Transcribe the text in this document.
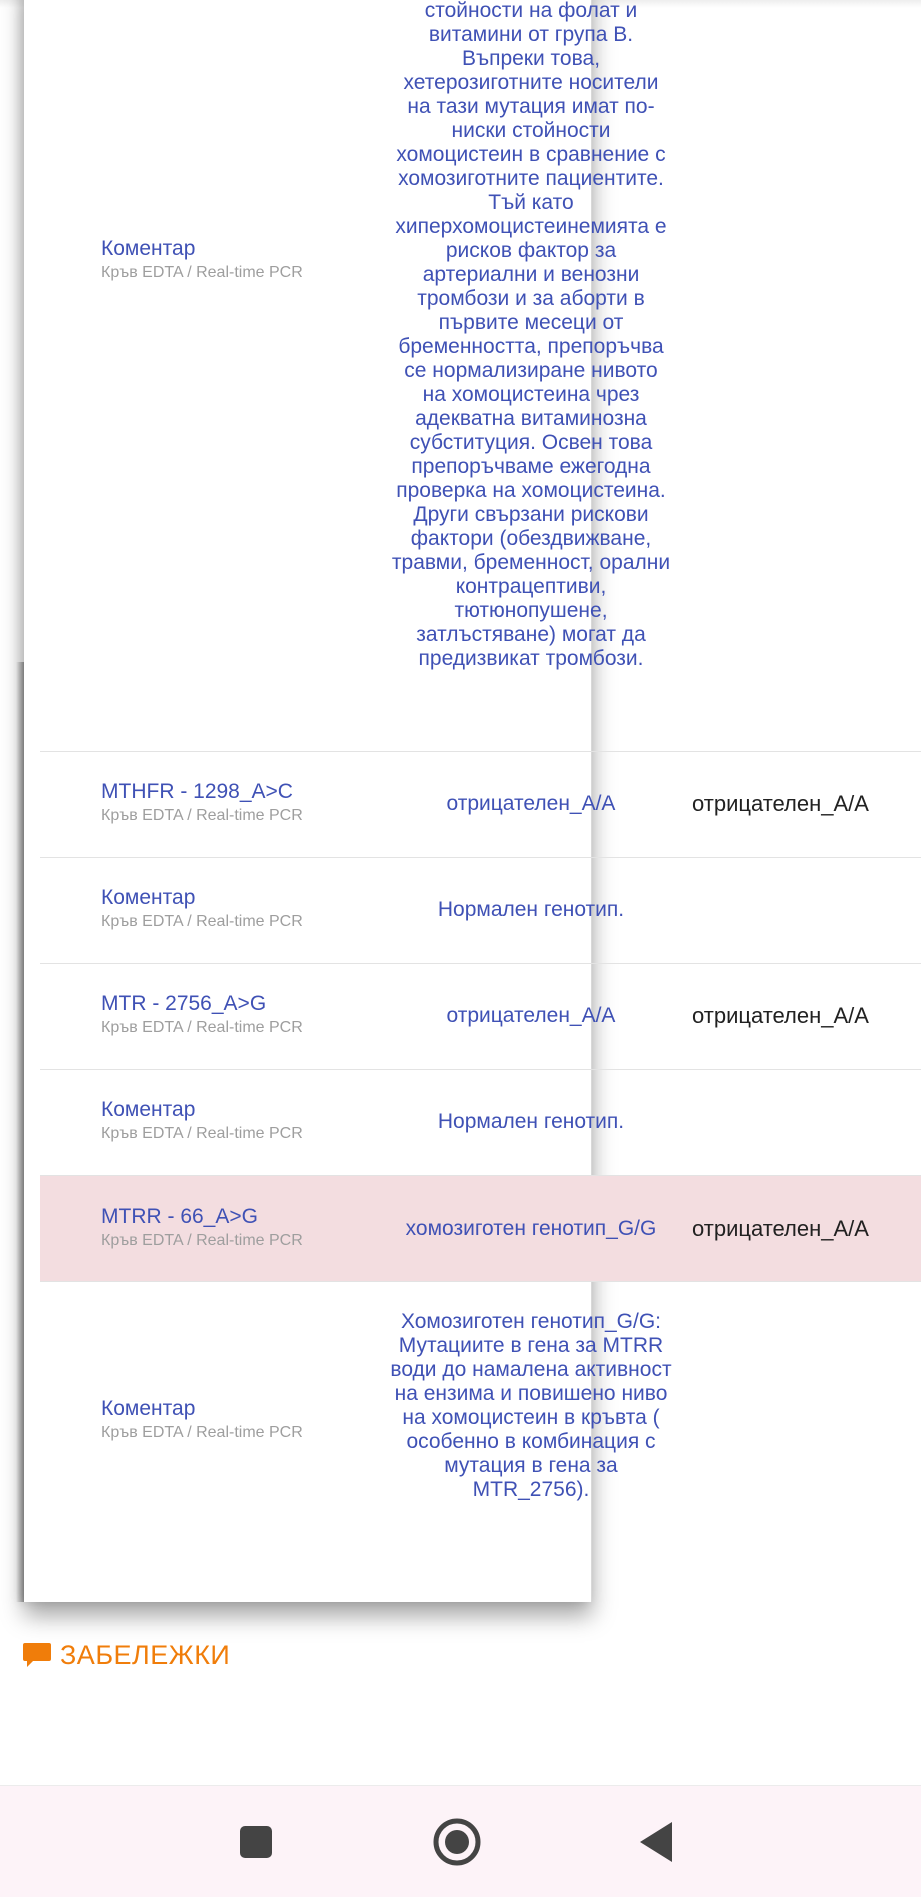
Коментар
Кръв EDTA / Real-time PCR
стойности на фолат и витамини от група В. Въпреки това, хетерозиготните носители на тази мутация имат по-ниски стойности хомоцистеин в сравнение с хомозиготните пациентите. Тъй като хиперхомоцистеинемията е рисков фактор за артериални и венозни тромбози и за аборти в първите месеци от бременността, препоръчва се нормализиране нивото на хомоцистеина чрез адекватна витаминозна субституция. Освен това препоръчваме ежегодна проверка на хомоцистеина. Други свързани рискови фактори (обездвижване, травми, бременност, орални контрацептиви, тютюнопушене, затлъстяване) могат да предизвикат тромбози.
MTHFR - 1298_A>C
Кръв EDTA / Real-time PCR
отрицателен_А/А	отрицателен_А/А
Коментар
Кръв EDTA / Real-time PCR
Нормален генотип.
MTR - 2756_A>G
Кръв EDTA / Real-time PCR
отрицателен_А/А	отрицателен_А/А
Коментар
Кръв EDTA / Real-time PCR
Нормален генотип.
MTRR - 66_A>G
Кръв EDTA / Real-time PCR
хомозиготен генотип_G/G	отрицателен_А/А
Коментар
Кръв EDTA / Real-time PCR
Хомозиготен генотип_G/G: Мутациите в гена за MTRR води до намалена активност на ензима и повишено ниво на хомоцистеин в кръвта ( особенно в комбинация с мутация в гена за MTR_2756).
ЗАБЕЛЕЖКИ
